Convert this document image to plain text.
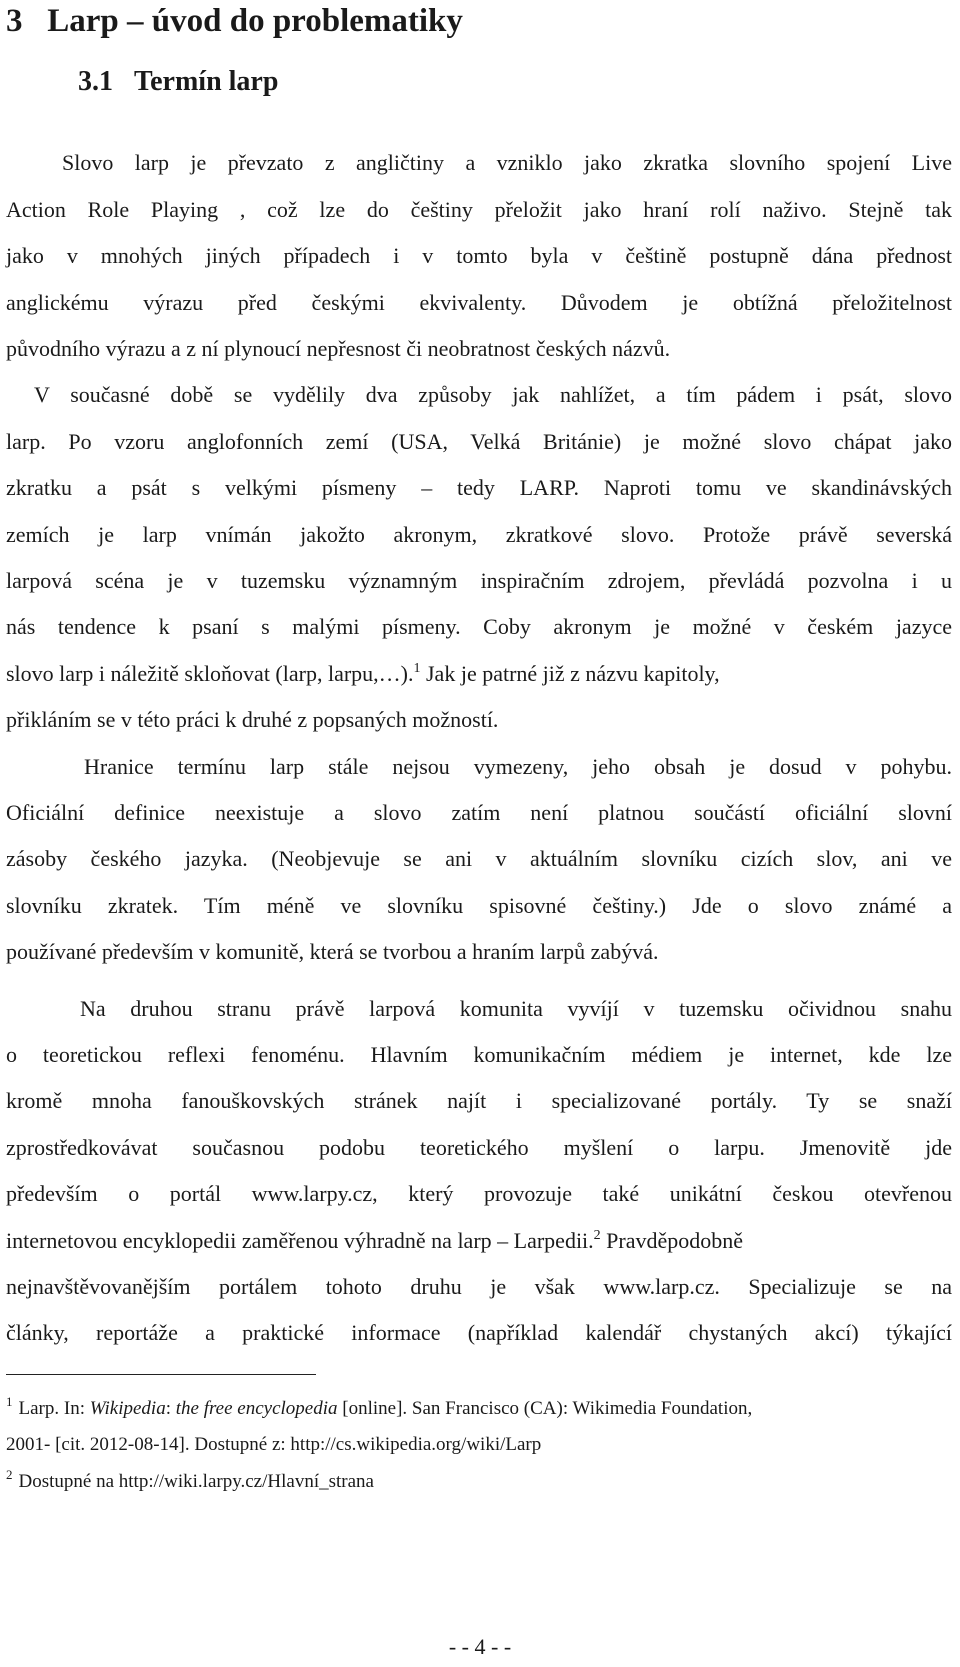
3 Larp – úvod do problematiky
3.1 Termín larp
Slovo larp je převzato z angličtiny a vzniklo jako zkratka slovního spojení Live
Action Role Playing , což lze do češtiny přeložit jako hraní rolí naživo. Stejně tak
jako v mnohých jiných případech i v tomto byla v češtině postupně dána přednost
anglickému výrazu před českými ekvivalenty. Důvodem je obtížná přeložitelnost
původního výrazu a z ní plynoucí nepřesnost či neobratnost českých názvů.
V současné době se vydělily dva způsoby jak nahlížet, a tím pádem i psát, slovo
larp. Po vzoru anglofonních zemí (USA, Velká Británie) je možné slovo chápat jako
zkratku a psát s velkými písmeny – tedy LARP. Naproti tomu ve skandinávských
zemích je larp vnímán jakožto akronym, zkratkové slovo. Protože právě severská
larpová scéna je v tuzemsku významným inspiračním zdrojem, převládá pozvolna i u
nás tendence k psaní s malými písmeny. Coby akronym je možné v českém jazyce
slovo larp i náležitě skloňovat (larp, larpu,…).$^1$ Jak je patrné již z názvu kapitoly,
přikláním se v této práci k druhé z popsaných možností.
Hranice termínu larp stále nejsou vymezeny, jeho obsah je dosud v pohybu.
Oficiální definice neexistuje a slovo zatím není platnou součástí oficiální slovní
zásoby českého jazyka. (Neobjevuje se ani v aktuálním slovníku cizích slov, ani ve
slovníku zkratek. Tím méně ve slovníku spisovné češtiny.) Jde o slovo známé a
používané především v komunitě, která se tvorbou a hraním larpů zabývá.
Na druhou stranu právě larpová komunita vyvíjí v tuzemsku očividnou snahu
o teoretickou reflexi fenoménu. Hlavním komunikačním médiem je internet, kde lze
kromě mnoha fanouškovských stránek najít i specializované portály. Ty se snaží
zprostředkovávat současnou podobu teoretického myšlení o larpu. Jmenovitě jde
především o portál www.larpy.cz, který provozuje také unikátní českou otevřenou
internetovou encyklopedii zaměřenou výhradně na larp – Larpedii.$^2$ Pravděpodobně
nejnavštěvovanějším portálem tohoto druhu je však www.larp.cz. Specializuje se na
články, reportáže a praktické informace (například kalendář chystaných akcí) týkající
$^1$ Larp. In: Wikipedia: the free encyclopedia [online]. San Francisco (CA): Wikimedia Foundation,
2001- [cit. 2012-08-14]. Dostupné z: http://cs.wikipedia.org/wiki/Larp
$^2$ Dostupné na http://wiki.larpy.cz/Hlavní_strana
- - 4 - -
